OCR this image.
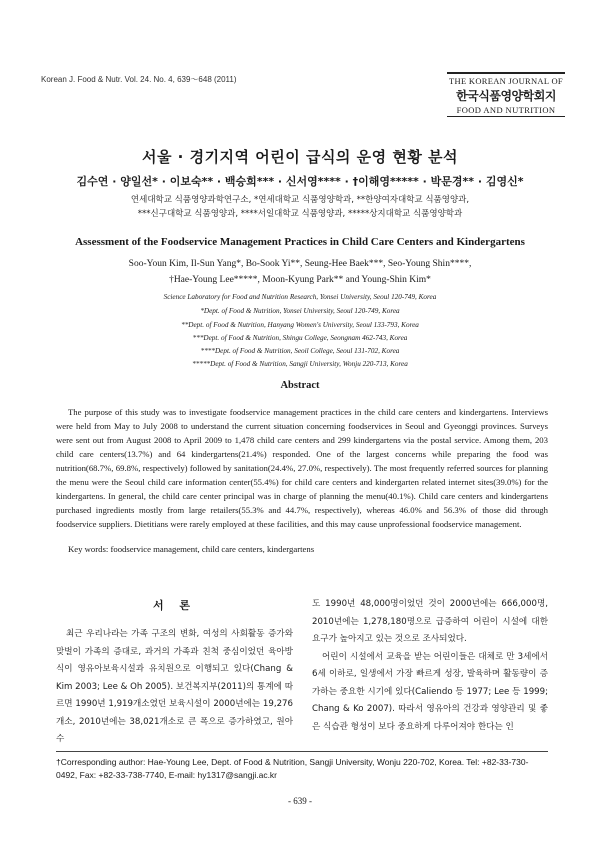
Korean J. Food & Nutr. Vol. 24. No. 4, 639～648 (2011)	THE KOREAN JOURNAL OF
한국식품영양학회지
FOOD AND NUTRITION
서울 · 경기지역 어린이 급식의 운영 현황 분석
김수연 · 양일선* · 이보숙** · 백승희*** · 신서영**** · †이해영***** · 박문경** · 김영신*
연세대학교 식품영양과학연구소, *연세대학교 식품영양학과, **한양여자대학교 식품영양과,
***신구대학교 식품영양과, ****서일대학교 식품영양과, *****상지대학교 식품영양학과
Assessment of the Foodservice Management Practices in Child Care Centers and Kindergartens
Soo-Youn Kim, Il-Sun Yang*, Bo-Sook Yi**, Seung-Hee Baek***, Seo-Young Shin****,
†Hae-Young Lee*****, Moon-Kyung Park** and Young-Shin Kim*
Science Laboratory for Food and Nutrition Research, Yonsei University, Seoul 120-749, Korea
*Dept. of Food & Nutrition, Yonsei University, Seoul 120-749, Korea
**Dept. of Food & Nutrition, Hanyang Women's University, Seoul 133-793, Korea
***Dept. of Food & Nutrition, Shingu College, Seongnam 462-743, Korea
****Dept. of Food & Nutrition, Seoil College, Seoul 131-702, Korea
*****Dept. of Food & Nutrition, Sangji University, Wonju 220-713, Korea
Abstract

The purpose of this study was to investigate foodservice management practices in the child care centers and kindergartens. Interviews were held from May to July 2008 to understand the current situation concerning foodservices in Seoul and Gyeonggi provinces. Surveys were sent out from August 2008 to April 2009 to 1,478 child care centers and 299 kindergartens via the postal service. Among them, 203 child care centers(13.7%) and 64 kindergartens(21.4%) responded. One of the largest concerns while preparing the food was nutrition(68.7%, 69.8%, respectively) followed by sanitation(24.4%, 27.0%, respectively). The most frequently referred sources for planning the menu were the Seoul child care information center(55.4%) for child care centers and kindergarten related internet sites(39.0%) for the kindergartens. In general, the child care center principal was in charge of planning the menu(40.1%). Child care centers and kindergartens purchased ingredients mostly from large retailers(55.3% and 44.7%, respectively), whereas 46.0% and 56.3% of those did through foodservice suppliers. Dietitians were rarely employed at these facilities, and this may cause unprofessional foodservice management.

Key words: foodservice management, child care centers, kindergartens
서 론

최근 우리나라는 가족 구조의 변화, 여성의 사회활동 증가와 맞벌이 가족의 증대로, 과거의 가족과 친척 중심이었던 육아방식이 영유아보육시설과 유치원으로 이행되고 있다(Chang & Kim 2003; Lee & Oh 2005). 보건복지부(2011)의 통계에 따르면 1990년 1,919개소였던 보육시설이 2000년에는 19,276개소, 2010년에는 38,021개소로 큰 폭으로 증가하였고, 원아 수

도 1990년 48,000명이었던 것이 2000년에는 666,000명, 2010년에는 1,278,180명으로 급증하여 어린이 시설에 대한 요구가 높아지고 있는 것으로 조사되었다.

어린이 시설에서 교육을 받는 어린이들은 대체로 만 3세에서 6세 이하로, 일생에서 가장 빠르게 성장, 발육하며 활동량이 증가하는 중요한 시기에 있다(Caliendo 등 1977; Lee 등 1999; Chang & Ko 2007). 따라서 영유아의 건강과 영양관리 및 좋은 식습관 형성이 보다 중요하게 다루어져야 한다는 인

†Corresponding author: Hae-Young Lee, Dept. of Food & Nutrition, Sangji University, Wonju 220-702, Korea. Tel: +82-33-730-0492, Fax: +82-33-738-7740, E-mail: hy1317@sangji.ac.kr
- 639 -
